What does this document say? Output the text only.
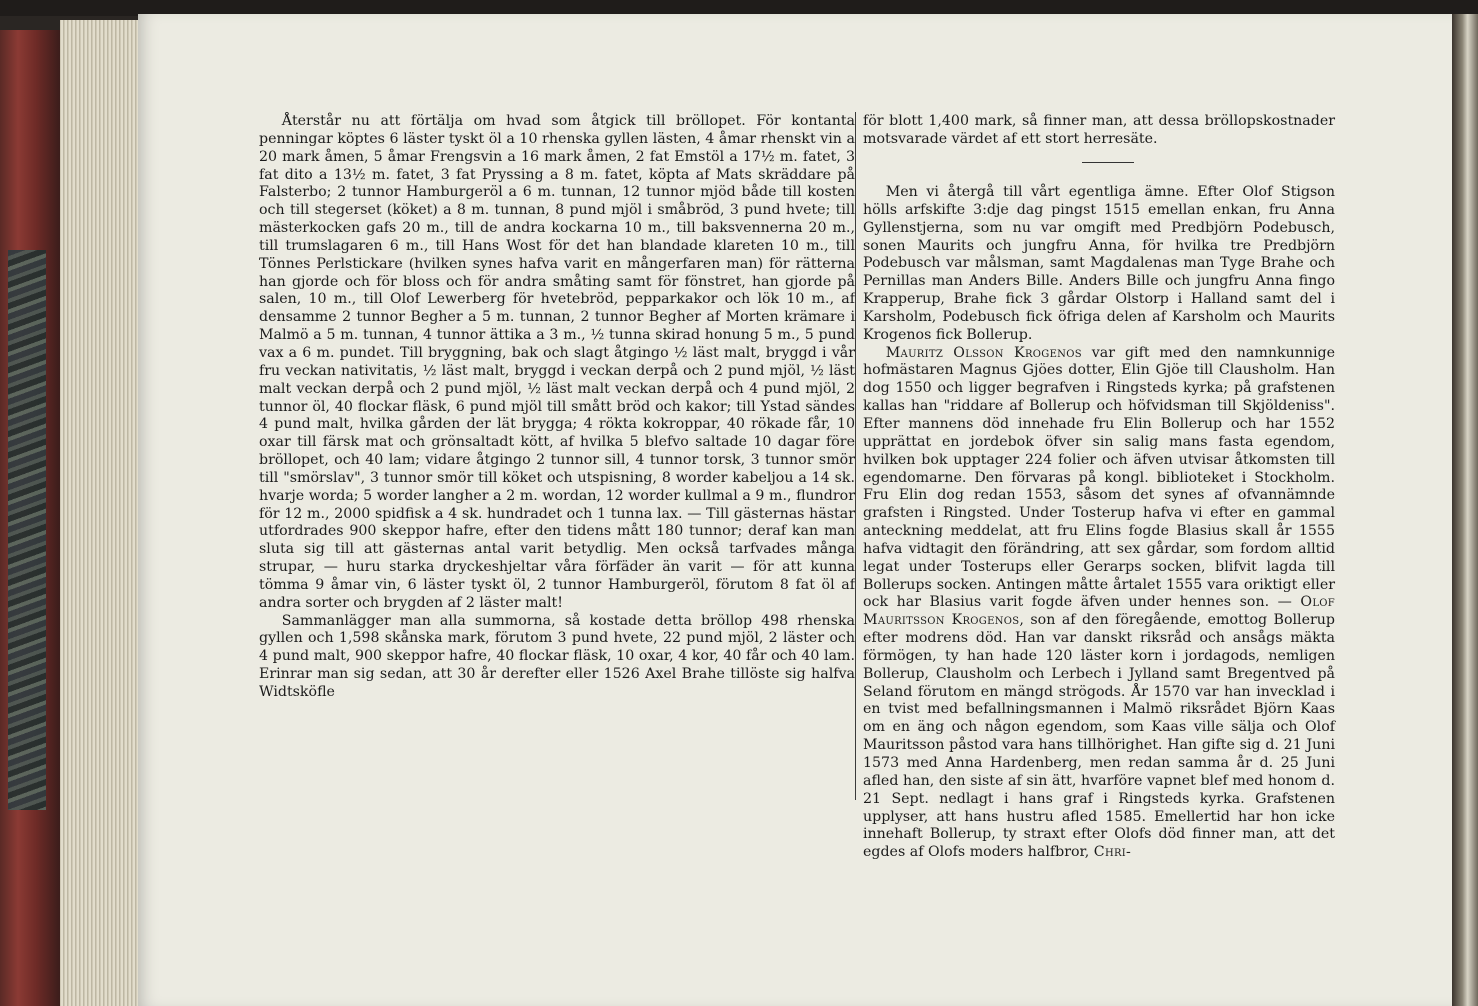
Återstår nu att förtälja om hvad som åtgick till bröllopet. För kontanta penningar köptes 6 läster tyskt öl a 10 rhenska gyllen lästen, 4 åmar rhenskt vin a 20 mark åmen, 5 åmar Frengsvin a 16 mark åmen, 2 fat Emstöl a 17½ m. fatet, 3 fat dito a 13½ m. fatet, 3 fat Pryssing a 8 m. fatet, köpta af Mats skräddare på Falsterbo; 2 tunnor Hamburgeröl a 6 m. tunnan, 12 tunnor mjöd både till kosten och till stegerset (köket) a 8 m. tunnan, 8 pund mjöl i småbröd, 3 pund hvete; till mästerkocken gafs 20 m., till de andra kockarna 10 m., till baksvennerna 20 m., till trumslagaren 6 m., till Hans Wost för det han blandade klareten 10 m., till Tönnes Perlstickare (hvilken synes hafva varit en mångerfaren man) för rätterna han gjorde och för bloss och för andra småting samt för fönstret, han gjorde på salen, 10 m., till Olof Lewerberg för hvetebröd, pepparkakor och lök 10 m., af densamme 2 tunnor Begher a 5 m. tunnan, 2 tunnor Begher af Morten krämare i Malmö a 5 m. tunnan, 4 tunnor ättika a 3 m., ½ tunna skirad honung 5 m., 5 pund vax a 6 m. pundet. Till bryggning, bak och slagt åtgingo ½ läst malt, bryggd i vår fru veckan nativitatis, ½ läst malt, bryggd i veckan derpå och 2 pund mjöl, ½ läst malt veckan derpå och 2 pund mjöl, ½ läst malt veckan derpå och 4 pund mjöl, 2 tunnor öl, 40 flockar fläsk, 6 pund mjöl till smått bröd och kakor; till Ystad sändes 4 pund malt, hvilka gården der lät brygga; 4 rökta kokroppar, 40 rökade får, 10 oxar till färsk mat och grönsaltadt kött, af hvilka 5 blefvo saltade 10 dagar före bröllopet, och 40 lam; vidare åtgingo 2 tunnor sill, 4 tunnor torsk, 3 tunnor smör till "smörslav", 3 tunnor smör till köket och utspisning, 8 worder kabeljou a 14 sk. hvarje worda; 5 worder langher a 2 m. wordan, 12 worder kullmal a 9 m., flundror för 12 m., 2000 spidfisk a 4 sk. hundradet och 1 tunna lax. — Till gästernas hästar utfordrades 900 skeppor hafre, efter den tidens mått 180 tunnor; deraf kan man sluta sig till att gästernas antal varit betydlig. Men också tarfvades många strupar, — huru starka dryckeshjeltar våra förfäder än varit — för att kunna tömma 9 åmar vin, 6 läster tyskt öl, 2 tunnor Hamburgeröl, förutom 8 fat öl af andra sorter och brygden af 2 läster malt!

Sammanlägger man alla summorna, så kostade detta bröllop 498 rhenska gyllen och 1,598 skånska mark, förutom 3 pund hvete, 22 pund mjöl, 2 läster och 4 pund malt, 900 skeppor hafre, 40 flockar fläsk, 10 oxar, 4 kor, 40 får och 40 lam. Erinrar man sig sedan, att 30 år derefter eller 1526 Axel Brahe tillöste sig halfva Widtsköfle

för blott 1,400 mark, så finner man, att dessa bröllopskostnader motsvarade värdet af ett stort herresäte.

Men vi återgå till vårt egentliga ämne. Efter Olof Stigson hölls arfskifte 3:dje dag pingst 1515 emellan enkan, fru Anna Gyllenstjerna, som nu var omgift med Predbjörn Podebusch, sonen Maurits och jungfru Anna, för hvilka tre Predbjörn Podebusch var målsman, samt Magdalenas man Tyge Brahe och Pernillas man Anders Bille. Anders Bille och jungfru Anna fingo Krapperup, Brahe fick 3 gårdar Olstorp i Halland samt del i Karsholm, Podebusch fick öfriga delen af Karsholm och Maurits Krogenos fick Bollerup.

Mauritz Olsson Krogenos var gift med den namnkunnige hofmästaren Magnus Gjöes dotter, Elin Gjöe till Clausholm. Han dog 1550 och ligger begrafven i Ringsteds kyrka; på grafstenen kallas han "riddare af Bollerup och höfvidsman till Skjöldeniss". Efter mannens död innehade fru Elin Bollerup och har 1552 upprättat en jordebok öfver sin salig mans fasta egendom, hvilken bok upptager 224 folier och äfven utvisar åtkomsten till egendomarne. Den förvaras på kongl. biblioteket i Stockholm. Fru Elin dog redan 1553, såsom det synes af ofvannämnde grafsten i Ringsted. Under Tosterup hafva vi efter en gammal anteckning meddelat, att fru Elins fogde Blasius skall år 1555 hafva vidtagit den förändring, att sex gårdar, som fordom alltid legat under Tosterups eller Gerarps socken, blifvit lagda till Bollerups socken. Antingen måtte årtalet 1555 vara oriktigt eller ock har Blasius varit fogde äfven under hennes son. — Olof Mauritsson Krogenos, son af den föregående, emottog Bollerup efter modrens död. Han var danskt riksråd och ansågs mäkta förmögen, ty han hade 120 läster korn i jordagods, nemligen Bollerup, Clausholm och Lerbech i Jylland samt Bregentved på Seland förutom en mängd strögods. År 1570 var han invecklad i en tvist med befallningsmannen i Malmö riksrådet Björn Kaas om en äng och någon egendom, som Kaas ville sälja och Olof Mauritsson påstod vara hans tillhörighet. Han gifte sig d. 21 Juni 1573 med Anna Hardenberg, men redan samma år d. 25 Juni afled han, den siste af sin ätt, hvarföre vapnet blef med honom d. 21 Sept. nedlagt i hans graf i Ringsteds kyrka. Grafstenen upplyser, att hans hustru afled 1585. Emellertid har hon icke innehaft Bollerup, ty straxt efter Olofs död finner man, att det egdes af Olofs moders halfbror, Chri-
